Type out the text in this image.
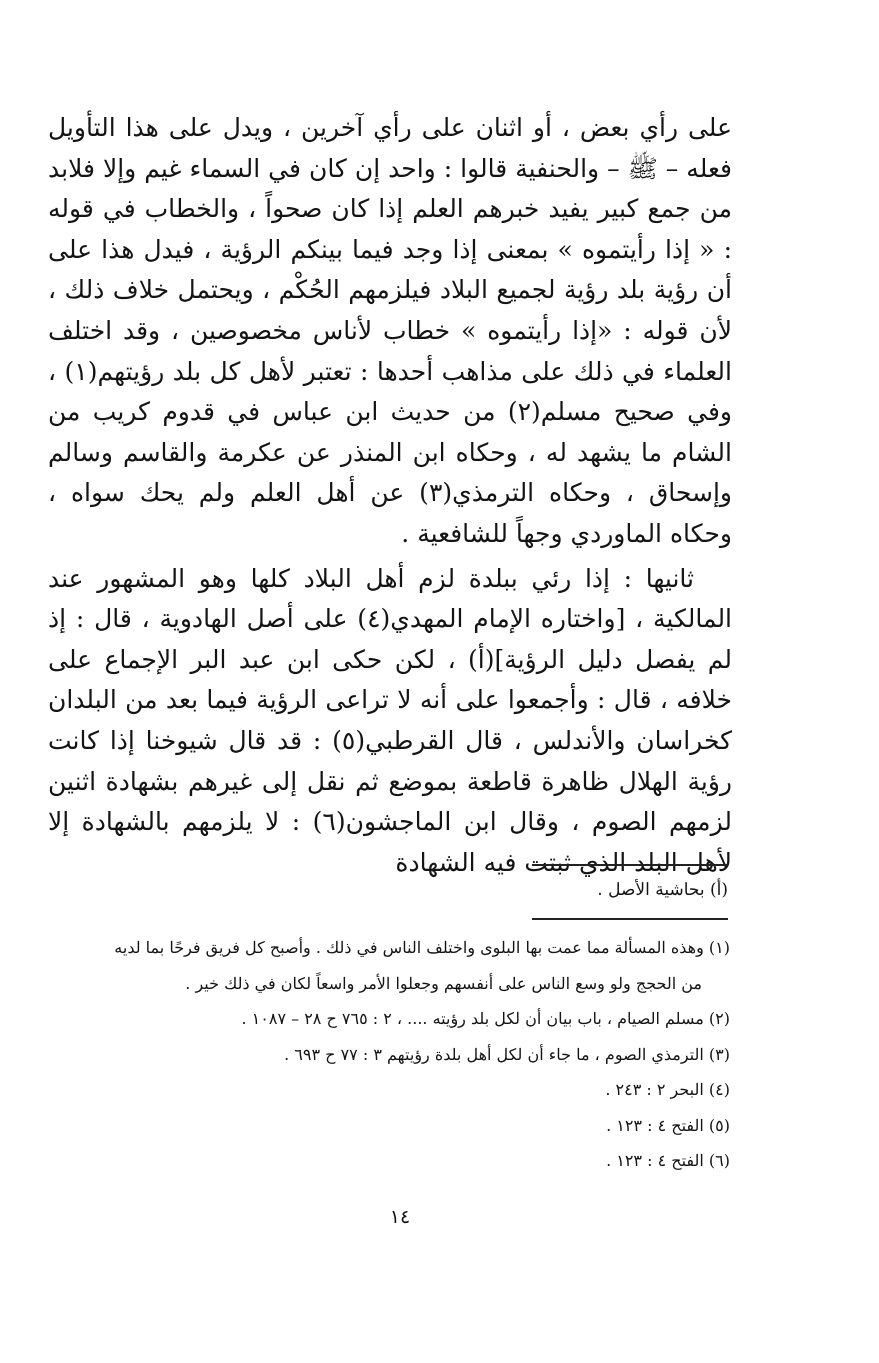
على رأي بعض ، أو اثنان على رأي آخرين ، ويدل على هذا التأويل فعله – ﷺ – والحنفية قالوا : واحد إن كان في السماء غيم وإلا فلابد من جمع كبير يفيد خبرهم العلم إذا كان صحواً ، والخطاب في قوله : « إذا رأيتموه » بمعنى إذا وجد فيما بينكم الرؤية ، فيدل هذا على أن رؤية بلد رؤية لجميع البلاد فيلزمهم الحُكْم ، ويحتمل خلاف ذلك ، لأن قوله : «إذا رأيتموه » خطاب لأناس مخصوصين ، وقد اختلف العلماء في ذلك على مذاهب أحدها : تعتبر لأهل كل بلد رؤيتهم(١) ، وفي صحيح مسلم(٢) من حديث ابن عباس في قدوم كريب من الشام ما يشهد له ، وحكاه ابن المنذر عن عكرمة والقاسم وسالم وإسحاق ، وحكاه الترمذي(٣) عن أهل العلم ولم يحك سواه ، وحكاه الماوردي وجهاً للشافعية .

ثانيها : إذا رئي ببلدة لزم أهل البلاد كلها وهو المشهور عند المالكية ، [واختاره الإمام المهدي(٤) على أصل الهادوية ، قال : إذ لم يفصل دليل الرؤية](أ) ، لكن حكى ابن عبد البر الإجماع على خلافه ، قال : وأجمعوا على أنه لا تراعى الرؤية فيما بعد من البلدان كخراسان والأندلس ، قال القرطبي(٥) : قد قال شيوخنا إذا كانت رؤية الهلال ظاهرة قاطعة بموضع ثم نقل إلى غيرهم بشهادة اثنين لزمهم الصوم ، وقال ابن الماجشون(٦) : لا يلزمهم بالشهادة إلا لأهل البلد الذي ثبتت فيه الشهادة

(أ) بحاشية الأصل .

(١) وهذه المسألة مما عمت بها البلوى واختلف الناس في ذلك . وأصبح كل فريق فرحًا بما لديه

من الحجج ولو وسع الناس على أنفسهم وجعلوا الأمر واسعاً لكان في ذلك خير .

(٢) مسلم الصيام ، باب بيان أن لكل بلد رؤيته .... ، ٢ : ٧٦٥ ح ٢٨ – ١٠٨٧ .

(٣) الترمذي الصوم ، ما جاء أن لكل أهل بلدة رؤيتهم ٣ : ٧٧ ح ٦٩٣ .

(٤) البحر ٢ : ٢٤٣ .

(٥) الفتح ٤ : ١٢٣ .

(٦) الفتح ٤ : ١٢٣ .

١٤
